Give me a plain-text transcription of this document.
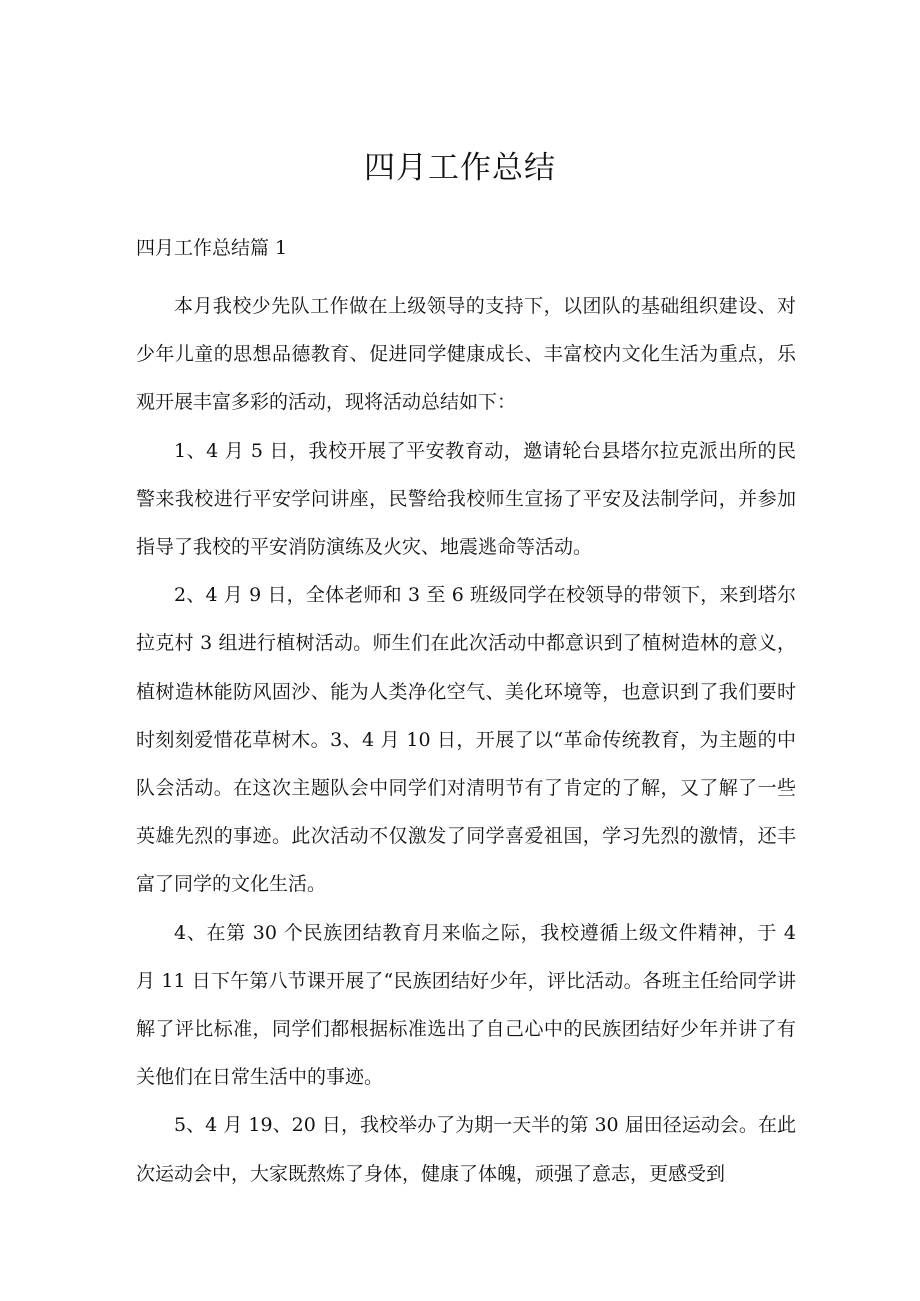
四月工作总结
四月工作总结篇 1

本月我校少先队工作做在上级领导的支持下，以团队的基础组织建设、对少年儿童的思想品德教育、促进同学健康成长、丰富校内文化生活为重点，乐观开展丰富多彩的活动，现将活动总结如下：

1、4 月 5 日，我校开展了平安教育动，邀请轮台县塔尔拉克派出所的民警来我校进行平安学问讲座，民警给我校师生宣扬了平安及法制学问，并参加指导了我校的平安消防演练及火灾、地震逃命等活动。

2、4 月 9 日，全体老师和 3 至 6 班级同学在校领导的带领下，来到塔尔拉克村 3 组进行植树活动。师生们在此次活动中都意识到了植树造林的意义，植树造林能防风固沙、能为人类净化空气、美化环境等，也意识到了我们要时时刻刻爱惜花草树木。3、4 月 10 日，开展了以“革命传统教育，为主题的中队会活动。在这次主题队会中同学们对清明节有了肯定的了解，又了解了一些英雄先烈的事迹。此次活动不仅激发了同学喜爱祖国，学习先烈的激情，还丰富了同学的文化生活。

4、在第 30 个民族团结教育月来临之际，我校遵循上级文件精神，于 4 月 11 日下午第八节课开展了“民族团结好少年，评比活动。各班主任给同学讲解了评比标准，同学们都根据标准选出了自己心中的民族团结好少年并讲了有关他们在日常生活中的事迹。

5、4 月 19、20 日，我校举办了为期一天半的第 30 届田径运动会。在此次运动会中，大家既熬炼了身体，健康了体魄，顽强了意志，更感受到
